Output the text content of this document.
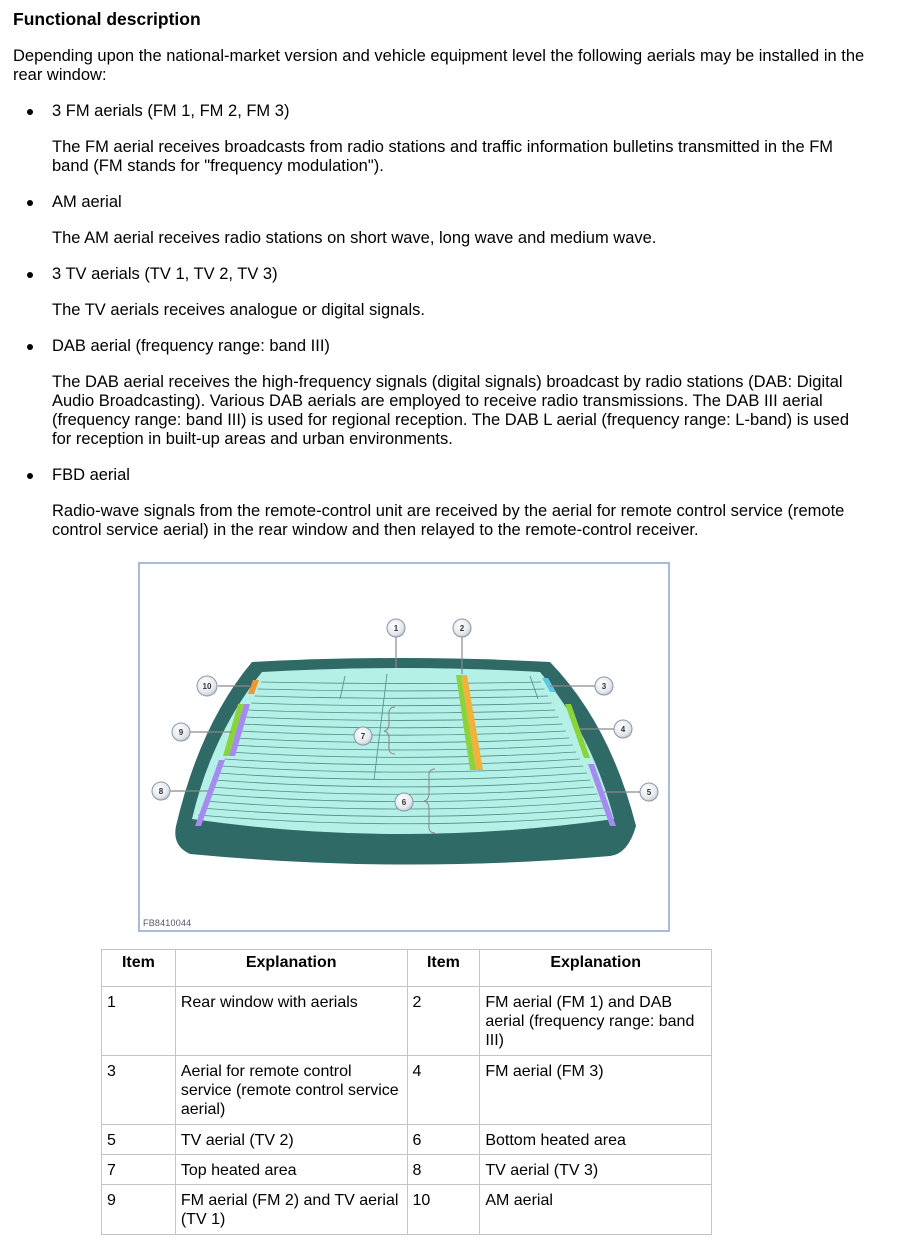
Functional description
Depending upon the national-market version and vehicle equipment level the following aerials may be installed in the rear window:
3 FM aerials (FM 1, FM 2, FM 3)
The FM aerial receives broadcasts from radio stations and traffic information bulletins transmitted in the FM band (FM stands for "frequency modulation").
AM aerial
The AM aerial receives radio stations on short wave, long wave and medium wave.
3 TV aerials (TV 1, TV 2, TV 3)
The TV aerials receives analogue or digital signals.
DAB aerial (frequency range: band III)
The DAB aerial receives the high-frequency signals (digital signals) broadcast by radio stations (DAB: Digital Audio Broadcasting). Various DAB aerials are employed to receive radio transmissions. The DAB III aerial (frequency range: band III) is used for regional reception. The DAB L aerial (frequency range: L-band) is used for reception in built-up areas and urban environments.
FBD aerial
Radio-wave signals from the remote-control unit are received by the aerial for remote control service (remote control service aerial) in the rear window and then relayed to the remote-control receiver.
1	2
3
4
5
6
7
8
9
10
FB8410044
Item	Explanation	Item	Explanation
1	Rear window with aerials	2	FM aerial (FM 1) and DAB aerial (frequency range: band III)
3	Aerial for remote control service (remote control service aerial)	4	FM aerial (FM 3)
5	TV aerial (TV 2)	6	Bottom heated area
7	Top heated area	8	TV aerial (TV 3)
9	FM aerial (FM 2) and TV aerial (TV 1)	10	AM aerial
